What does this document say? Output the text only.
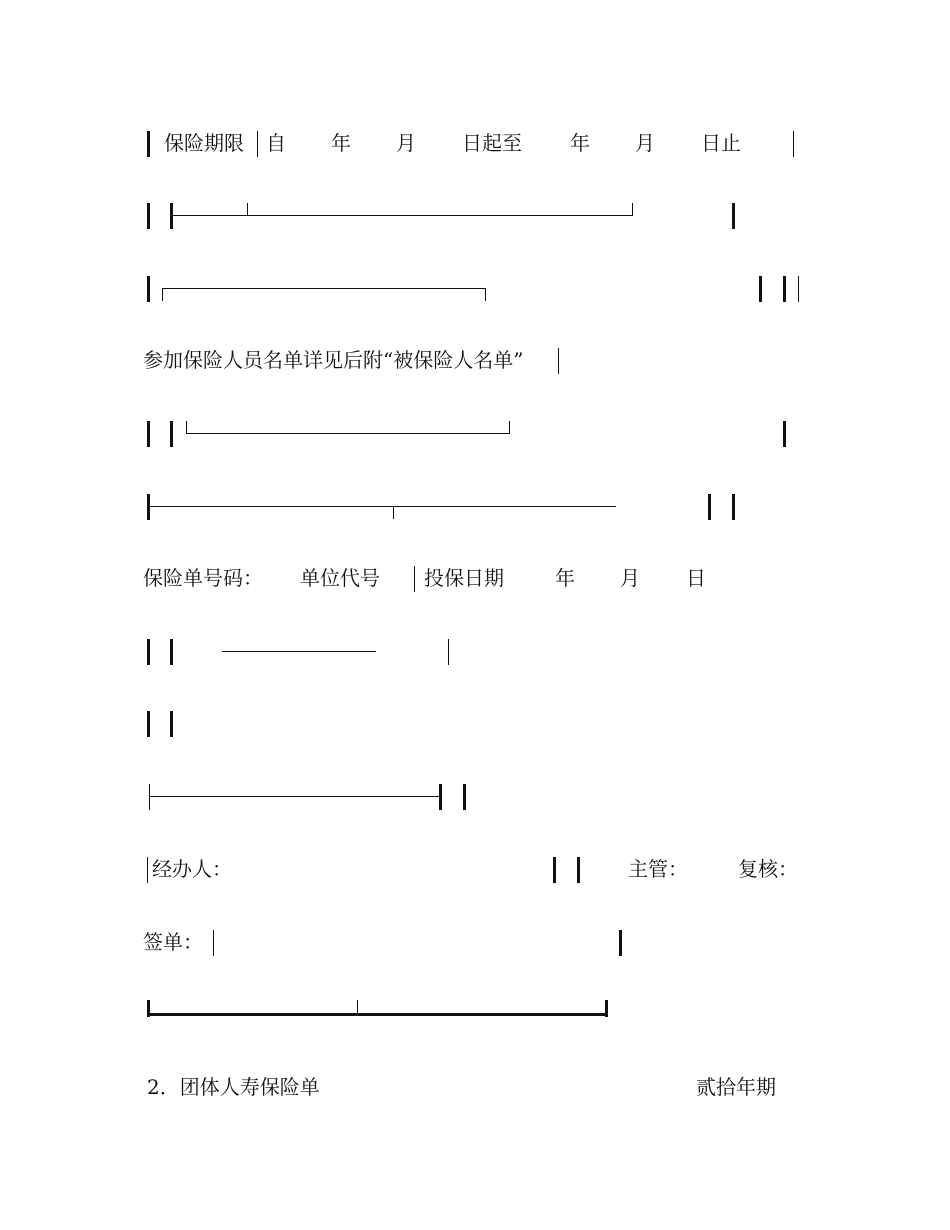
保险期限 自 年 月 日起至 年 月 日止
参加保险人员名单详见后附“被保险人名单”
保险单号码： 单位代号 投保日期	年 月 日
经办人：	主管：	复核：
签单：
2．团体人寿保险单	贰拾年期
